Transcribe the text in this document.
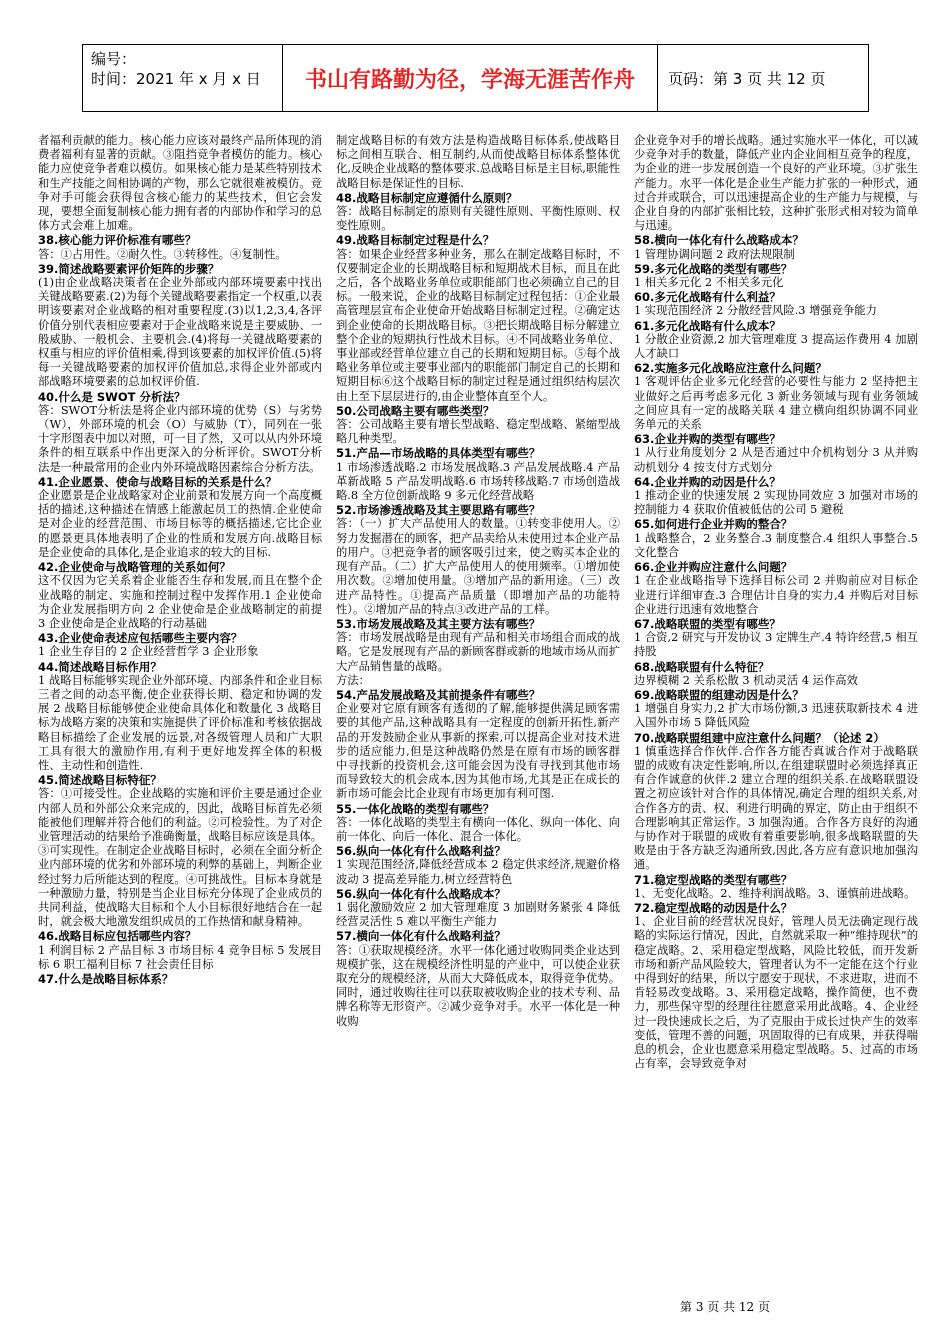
编号：
时间：2021 年 x 月 x 日	书山有路勤为径，学海无涯苦作舟	页码：第 3 页 共 12 页

者福利贡献的能力。核心能力应该对最终产品所体现的消费者福利有显著的贡献。③阻挡竞争者模仿的能力。核心能力应使竞争者难以模仿。如果核心能力是某些特别技术和生产技能之间相协调的产物，那么它就很难被模仿。竞争对手可能会获得包含核心能力的某些技术，但它会发现，要想全面复制核心能力拥有者的内部协作和学习的总体方式会难上加难。

38.核心能力评价标准有哪些？

答：①占用性。②耐久性。③转移性。④复制性。

39.简述战略要素评价矩阵的步骤？

(1)由企业战略决策者在企业外部或内部环境要素中找出关键战略要素.(2)为每个关键战略要素指定一个权重,以表明该要素对企业战略的相对重要程度.(3)以1,2,3,4,各评价值分别代表相应要素对于企业战略来说是主要威胁、一般威胁、一般机会、主要机会.(4)将每一关键战略要素的权重与相应的评价值相乘,得到该要素的加权评价值.(5)将每一关键战略要素的加权评价值加总,求得企业外部或内部战略环境要素的总加权评价值.

40.什么是 SWOT 分析法？

答：SWOT分析法是将企业内部环境的优势（S）与劣势（W），外部环境的机会（O）与威胁（T），同列在一张十字形图表中加以对照，可一目了然，又可以从内外环境条件的相互联系中作出更深入的分析评价。SWOT分析法是一种最常用的企业内外环境战略因素综合分析方法。

41.企业愿景、使命与战略目标的关系是什么？

企业愿景是企业战略家对企业前景和发展方向一个高度概括的描述,这种描述在情感上能激起员工的热情.企业使命是对企业的经营范围、市场目标等的概括描述,它比企业的愿景更具体地表明了企业的性质和发展方向.战略目标是企业使命的具体化,是企业追求的较大的目标.

42.企业使命与战略管理的关系如何？

这不仅因为它关系着企业能否生存和发展,而且在整个企业战略的制定、实施和控制过程中发挥作用.1 企业使命为企业发展指明方向 2 企业使命是企业战略制定的前提 3 企业使命是企业战略的行动基础

43.企业使命表述应包括哪些主要内容？

1 企业生存目的 2 企业经营哲学 3 企业形象

44.简述战略目标作用？

1 战略目标能够实现企业外部环境、内部条件和企业目标三者之间的动态平衡,使企业获得长期、稳定和协调的发展 2 战略目标能够使企业使命具体化和数量化 3 战略目标为战略方案的决策和实施提供了评价标准和考核依据战略目标描绘了企业发展的远景,对各级管理人员和广大职工具有很大的激励作用,有利于更好地发挥全体的积极性、主动性和创造性.

45.简述战略目标特征？

答：①可接受性。企业战略的实施和评价主要是通过企业内部人员和外部公众来完成的，因此，战略目标首先必须能被他们理解并符合他们的利益。②可检验性。为了对企业管理活动的结果给予准确衡量，战略目标应该是具体。③可实现性。在制定企业战略目标时，必须在全面分析企业内部环境的优劣和外部环境的利弊的基础上，判断企业经过努力后所能达到的程度。④可挑战性。目标本身就是一种激励力量，特别是当企业目标充分体现了企业成员的共同利益，使战略大目标和个人小目标很好地结合在一起时，就会极大地激发组织成员的工作热情和献身精神。

46.战略目标应包括哪些内容？

1 利润目标 2 产品目标 3 市场目标 4 竞争目标 5 发展目标 6 职工福利目标 7 社会责任目标

47.什么是战略目标体系？

制定战略目标的有效方法是构造战略目标体系,使战略目标之间相互联合、相互制约,从而使战略目标体系整体优化,反映企业战略的整体要求.总战略目标是主目标,职能性战略目标是保证性的目标.

48.战略目标制定应遵循什么原则？

答：战略目标制定的原则有关键性原则、平衡性原则、权变性原则。

49.战略目标制定过程是什么？

答：如果企业经营多种业务，那么在制定战略目标时，不仅要制定企业的长期战略目标和短期战术目标，而且在此之后，各个战略业务单位或职能部门也必须确立自己的目标。一般来说，企业的战略目标制定过程包括：①企业最高管理层宣布企业使命开始战略目标制定过程。②确定达到企业使命的长期战略目标。③把长期战略目标分解建立整个企业的短期执行性战术目标。④不同战略业务单位、事业部或经营单位建立自己的长期和短期目标。⑤每个战略业务单位或主要事业部内的职能部门制定自己的长期和短期目标⑥这个战略目标的制定过程是通过组织结构层次由上至下层层进行的,由企业整体直至个人。

50.公司战略主要有哪些类型？

答：公司战略主要有增长型战略、稳定型战略、紧缩型战略几种类型。

51.产品—市场战略的具体类型有哪些？

1 市场渗透战略.2 市场发展战略.3 产品发展战略.4 产品革新战略 5 产品发明战略.6 市场转移战略.7 市场创造战略.8 全方位创新战略 9 多元化经营战略

52.市场渗透战略及其主要思路有哪些？

答：（一）扩大产品使用人的数量。①转变非使用人。②努力发掘潜在的顾客，把产品卖给从未使用过本企业产品的用户。③把竞争者的顾客吸引过来，使之购买本企业的现有产品。（二）扩大产品使用人的使用频率。①增加使用次数。②增加使用量。③增加产品的新用途。（三）改进产品特性。①提高产品质量（即增加产品的功能特性）。②增加产品的特点③改进产品的工样。

53.市场发展战略及其主要方法有哪些？

答：市场发展战略是由现有产品和相关市场组合而成的战略。它是发展现有产品的新顾客群或新的地域市场从而扩大产品销售量的战略。

方法：

54.产品发展战略及其前提条件有哪些？

企业要对它原有顾客有透彻的了解,能够提供满足顾客需要的其他产品,这种战略具有一定程度的创新开拓性,新产品的开发鼓励企业从事新的探索,可以提高企业对技术进步的适应能力,但是这种战略仍然是在原有市场的顾客群中寻找新的投资机会,这可能会因为没有寻找到其他市场而导致较大的机会成本,因为其他市场,尤其是正在成长的新市场可能会比企业现有市场更加有利可图.

55.一体化战略的类型有哪些？

答：一体化战略的类型主有横向一体化、纵向一体化、向前一体化、向后一体化、混合一体化。

56.纵向一体化有什么战略利益？

1 实现范围经济,降低经营成本 2 稳定供求经济,规避价格波动 3 提高差异能力,树立经营特色

56.纵向一体化有什么战略成本？

1 弱化激励效应 2 加大管理难度 3 加剧财务紧张 4 降低经营灵活性 5 难以平衡生产能力

57.横向一体化有什么战略利益？

答：①获取规模经济。水平一体化通过收购同类企业达到规模扩张，这在规模经济性明显的产业中，可以使企业获取充分的规模经济，从而大大降低成本，取得竞争优势。同时，通过收购往往可以获取被收购企业的技术专利、品牌名称等无形资产。②减少竞争对手。水平一体化是一种收购

企业竞争对手的增长战略。通过实施水平一体化，可以减少竞争对手的数量，降低产业内企业间相互竞争的程度，为企业的进一步发展创造一个良好的产业环境。③扩张生产能力。水平一体化是企业生产能力扩张的一种形式，通过合并或联合，可以迅速提高企业的生产能力与规模，与企业自身的内部扩张相比较，这种扩张形式相对较为简单与迅速。

58.横向一体化有什么战略成本？

1 管理协调问题 2 政府法规限制

59.多元化战略的类型有哪些？

1 相关多元化 2 不相关多元化

60.多元化战略有什么利益？

1 实现范围经济 2 分散经营风险.3 增强竞争能力

61.多元化战略有什么成本？

1 分散企业资源,2 加大管理难度 3 提高运作费用 4 加剧人才缺口

62.实施多元化战略应注意什么问题？

1 客观评估企业多元化经营的必要性与能力 2 坚持把主业做好之后再考虑多元化 3 新业务领域与现有业务领域之间应具有一定的战略关联 4 建立横向组织协调不同业务单元的关系

63.企业并购的类型有哪些？

1 从行业角度划分 2 从是否通过中介机构划分 3 从并购动机划分 4 按支付方式划分

64.企业并购的动因是什么？

1 推动企业的快速发展 2 实现协同效应 3 加强对市场的控制能力 4 获取价值被低估的公司 5 避税

65.如何进行企业并购的整合？

1 战略整合，2 业务整合.3 制度整合.4 组织人事整合.5 文化整合

66.企业并购应注意什么问题？

1 在企业战略指导下选择目标公司 2 并购前应对目标企业进行详细审查.3 合理估计自身的实力,4 并购后对目标企业进行迅速有效地整合

67.战略联盟的类型有哪些？

1 合资,2 研究与开发协议 3 定牌生产.4 特许经营,5 相互持股

68.战略联盟有什么特征？

边界模糊 2 关系松散 3 机动灵活 4 运作高效

69.战略联盟的组建动因是什么？

1 增强自身实力,2 扩大市场份额,3 迅速获取新技术 4 进入国外市场 5 降低风险

70.战略联盟组建中应注意什么问题？（论述 2）

1 慎重选择合作伙伴.合作各方能否真诚合作对于战略联盟的成败有决定性影响,所以,在组建联盟时必须选择真正有合作诚意的伙伴.2 建立合理的组织关系.在战略联盟设置之初应该针对合作的具体情况,确定合理的组织关系,对合作各方的责、权、利进行明确的界定，防止由于组织不合理影响其正常运作。3 加强沟通。合作各方良好的沟通与协作对于联盟的成败有着重要影响,很多战略联盟的失败是由于各方缺乏沟通所致,因此,各方应有意识地加强沟通。

71.稳定型战略的类型有哪些？

1、无变化战略。2、维持利润战略。3、谨慎前进战略。

72.稳定型战略的动因是什么？

1、企业目前的经营状况良好，管理人员无法确定现行战略的实际运行情况，因此，自然就采取一种“维持现状”的稳定战略。2、采用稳定型战略，风险比较低，而开发新市场和新产品风险较大，管理者认为不一定能在这个行业中得到好的结果，所以宁愿安于现状，不求进取，进而不肯轻易改变战略。3、采用稳定战略，操作简便，也不费力，那些保守型的经理往往愿意采用此战略。4、企业经过一段快速成长之后，为了克服由于成长过快产生的效率变低，管理不善的问题，巩固取得的已有成果，并获得喘息的机会，企业也愿意采用稳定型战略。5、过高的市场占有率，会导致竞争对

第 3 页 共 12 页
